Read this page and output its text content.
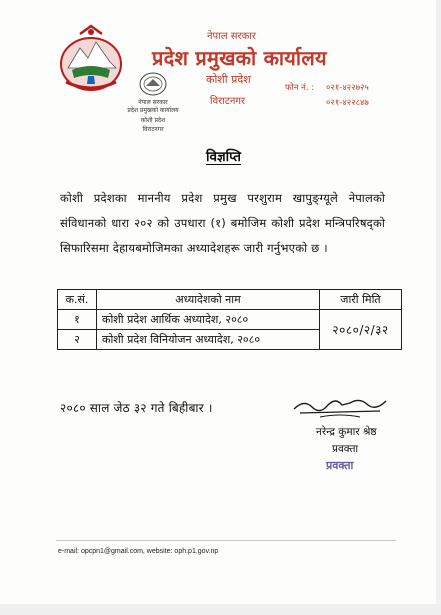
नेपाल सरकार
प्रदेश प्रमुखको कार्यालय
कोशी प्रदेश
विराटनगर
फोन नं. : ०२१-४२२७२५
०२१-४२२८४७
नेपाल सरकार
प्रदेश प्रमुखको कार्यालय
कोशी प्रदेश
विराटनगर
विज्ञप्ति
कोशी प्रदेशका माननीय प्रदेश प्रमुख परशुराम खापुङ्ग्यूले नेपालको संविधानको धारा २०२ को उपधारा (१) बमोजिम कोशी प्रदेश मन्त्रिपरिषद्को सिफारिसमा देहायबमोजिमका अध्यादेशहरू जारी गर्नुभएको छ ।
क.सं.	अध्यादेशको नाम	जारी मिति
१	कोशी प्रदेश आर्थिक अध्यादेश, २०८०	२०८०/२/३२
२	कोशी प्रदेश विनियोजन अध्यादेश, २०८०	
२०८० साल जेठ ३२ गते बिहीबार ।
नरेन्द्र कुमार श्रेष्ठ
प्रवक्ता
प्रवक्ता
e-mail: opcpn1@gmail.com, website: oph.p1.gov.np
